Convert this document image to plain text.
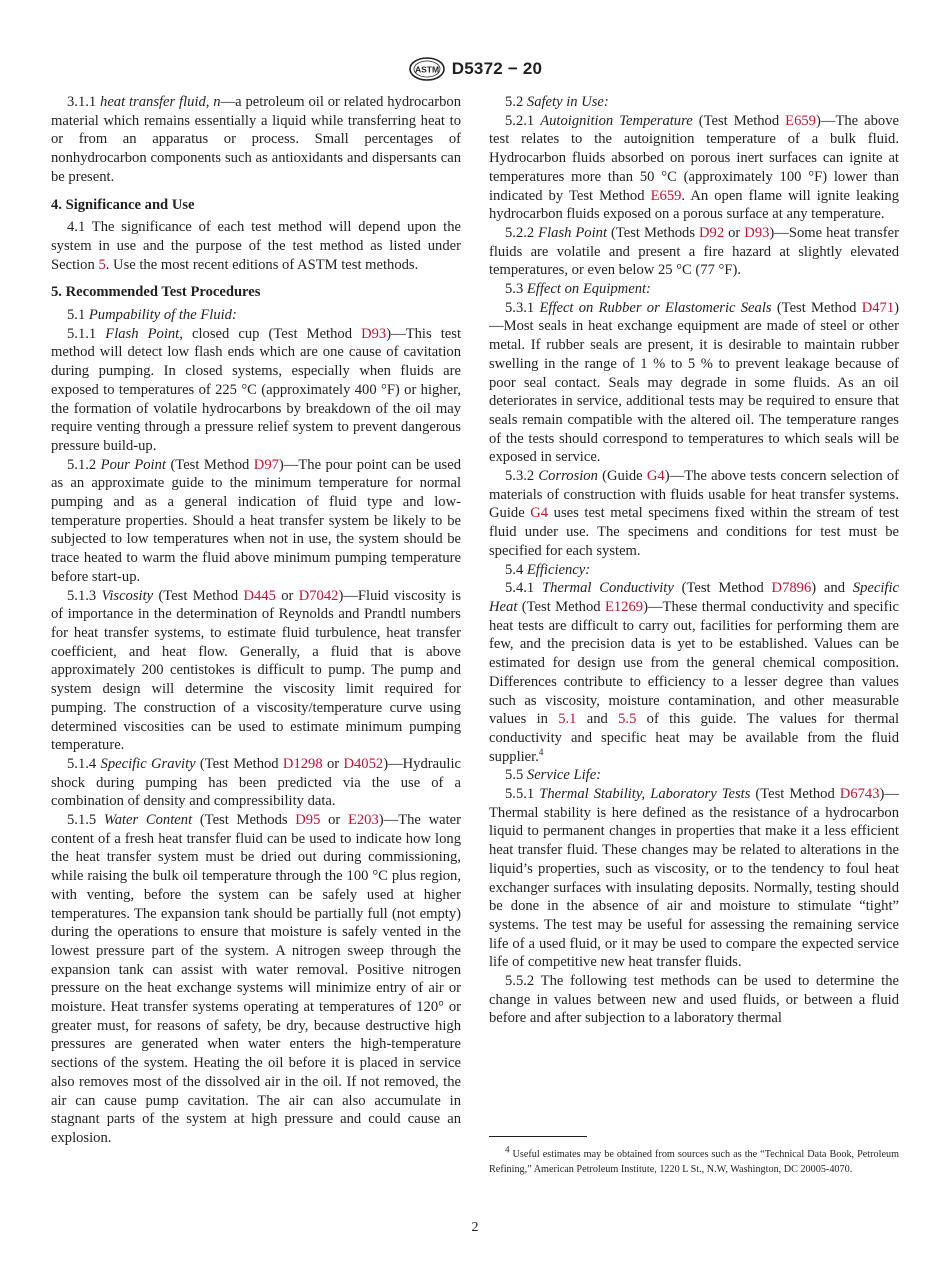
ASTM D5372 − 20

3.1.1 heat transfer fluid, n—a petroleum oil or related hydrocarbon material which remains essentially a liquid while transferring heat to or from an apparatus or process. Small percentages of nonhydrocarbon components such as antioxidants and dispersants can be present.

4. Significance and Use

4.1 The significance of each test method will depend upon the system in use and the purpose of the test method as listed under Section 5. Use the most recent editions of ASTM test methods.

5. Recommended Test Procedures

5.1 Pumpability of the Fluid:

5.1.1 Flash Point, closed cup (Test Method D93)—This test method will detect low flash ends which are one cause of cavitation during pumping. In closed systems, especially when fluids are exposed to temperatures of 225 °C (approximately 400 °F) or higher, the formation of volatile hydrocarbons by breakdown of the oil may require venting through a pressure relief system to prevent dangerous pressure build-up.

5.1.2 Pour Point (Test Method D97)—The pour point can be used as an approximate guide to the minimum temperature for normal pumping and as a general indication of fluid type and low-temperature properties. Should a heat transfer system be likely to be subjected to low temperatures when not in use, the system should be trace heated to warm the fluid above minimum pumping temperature before start-up.

5.1.3 Viscosity (Test Method D445 or D7042)—Fluid viscosity is of importance in the determination of Reynolds and Prandtl numbers for heat transfer systems, to estimate fluid turbulence, heat transfer coefficient, and heat flow. Generally, a fluid that is above approximately 200 centistokes is difficult to pump. The pump and system design will determine the viscosity limit required for pumping. The construction of a viscosity/temperature curve using determined viscosities can be used to estimate minimum pumping temperature.

5.1.4 Specific Gravity (Test Method D1298 or D4052)—Hydraulic shock during pumping has been predicted via the use of a combination of density and compressibility data.

5.1.5 Water Content (Test Methods D95 or E203)—The water content of a fresh heat transfer fluid can be used to indicate how long the heat transfer system must be dried out during commissioning, while raising the bulk oil temperature through the 100 °C plus region, with venting, before the system can be safely used at higher temperatures. The expansion tank should be partially full (not empty) during the operations to ensure that moisture is safely vented in the lowest pressure part of the system. A nitrogen sweep through the expansion tank can assist with water removal. Positive nitrogen pressure on the heat exchange systems will minimize entry of air or moisture. Heat transfer systems operating at temperatures of 120° or greater must, for reasons of safety, be dry, because destructive high pressures are generated when water enters the high-temperature sections of the system. Heating the oil before it is placed in service also removes most of the dissolved air in the oil. If not removed, the air can cause pump cavitation. The air can also accumulate in stagnant parts of the system at high pressure and could cause an explosion.

5.2 Safety in Use:

5.2.1 Autoignition Temperature (Test Method E659)—The above test relates to the autoignition temperature of a bulk fluid. Hydrocarbon fluids absorbed on porous inert surfaces can ignite at temperatures more than 50 °C (approximately 100 °F) lower than indicated by Test Method E659. An open flame will ignite leaking hydrocarbon fluids exposed on a porous surface at any temperature.

5.2.2 Flash Point (Test Methods D92 or D93)—Some heat transfer fluids are volatile and present a fire hazard at slightly elevated temperatures, or even below 25 °C (77 °F).

5.3 Effect on Equipment:

5.3.1 Effect on Rubber or Elastomeric Seals (Test Method D471)—Most seals in heat exchange equipment are made of steel or other metal. If rubber seals are present, it is desirable to maintain rubber swelling in the range of 1 % to 5 % to prevent leakage because of poor seal contact. Seals may degrade in some fluids. As an oil deteriorates in service, additional tests may be required to ensure that seals remain compatible with the altered oil. The temperature ranges of the tests should correspond to temperatures to which seals will be exposed in service.

5.3.2 Corrosion (Guide G4)—The above tests concern selection of materials of construction with fluids usable for heat transfer systems. Guide G4 uses test metal specimens fixed within the stream of test fluid under use. The specimens and conditions for test must be specified for each system.

5.4 Efficiency:

5.4.1 Thermal Conductivity (Test Method D7896) and Specific Heat (Test Method E1269)—These thermal conductivity and specific heat tests are difficult to carry out, facilities for performing them are few, and the precision data is yet to be established. Values can be estimated for design use from the general chemical composition. Differences contribute to efficiency to a lesser degree than values such as viscosity, moisture contamination, and other measurable values in 5.1 and 5.5 of this guide. The values for thermal conductivity and specific heat may be available from the fluid supplier.$^4$

5.5 Service Life:

5.5.1 Thermal Stability, Laboratory Tests (Test Method D6743)—Thermal stability is here defined as the resistance of a hydrocarbon liquid to permanent changes in properties that make it a less efficient heat transfer fluid. These changes may be related to alterations in the liquid’s properties, such as viscosity, or to the tendency to foul heat exchanger surfaces with insulating deposits. Normally, testing should be done in the absence of air and moisture to stimulate “tight” systems. The test may be useful for assessing the remaining service life of a used fluid, or it may be used to compare the expected service life of competitive new heat transfer fluids.

5.5.2 The following test methods can be used to determine the change in values between new and used fluids, or between a fluid before and after subjection to a laboratory thermal

$^4$ Useful estimates may be obtained from sources such as the “Technical Data Book, Petroleum Refining,” American Petroleum Institute, 1220 L St., N.W, Washington, DC 20005-4070.
2
